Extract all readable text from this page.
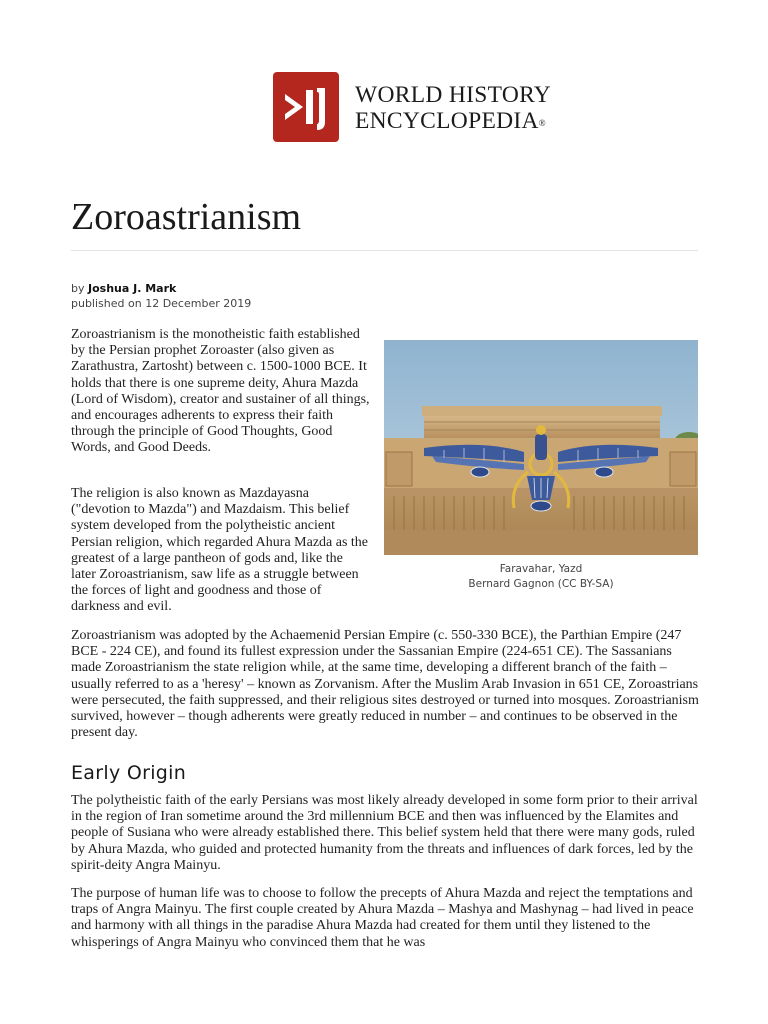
WORLD HISTORY
ENCYCLOPEDIA®
Zoroastrianism
by Joshua J. Mark
published on 12 December 2019

Zoroastrianism is the monotheistic faith established by the Persian prophet Zoroaster (also given as Zarathustra, Zartosht) between c. 1500-1000 BCE. It holds that there is one supreme deity, Ahura Mazda (Lord of Wisdom), creator and sustainer of all things, and encourages adherents to express their faith through the principle of Good Thoughts, Good Words, and Good Deeds.

The religion is also known as Mazdayasna ("devotion to Mazda") and Mazdaism. This belief system developed from the polytheistic ancient Persian religion, which regarded Ahura Mazda as the greatest of a large pantheon of gods and, like the later Zoroastrianism, saw life as a struggle between the forces of light and goodness and those of darkness and evil.

Faravahar, Yazd
Bernard Gagnon (CC BY-SA)

Zoroastrianism was adopted by the Achaemenid Persian Empire (c. 550-330 BCE), the Parthian Empire (247 BCE - 224 CE), and found its fullest expression under the Sassanian Empire (224-651 CE). The Sassanians made Zoroastrianism the state religion while, at the same time, developing a different branch of the faith – usually referred to as a 'heresy' – known as Zorvanism. After the Muslim Arab Invasion in 651 CE, Zoroastrians were persecuted, the faith suppressed, and their religious sites destroyed or turned into mosques. Zoroastrianism survived, however – though adherents were greatly reduced in number – and continues to be observed in the present day.

Early Origin

The polytheistic faith of the early Persians was most likely already developed in some form prior to their arrival in the region of Iran sometime around the 3rd millennium BCE and then was influenced by the Elamites and people of Susiana who were already established there. This belief system held that there were many gods, ruled by Ahura Mazda, who guided and protected humanity from the threats and influences of dark forces, led by the spirit-deity Angra Mainyu.

The purpose of human life was to choose to follow the precepts of Ahura Mazda and reject the temptations and traps of Angra Mainyu. The first couple created by Ahura Mazda – Mashya and Mashynag – had lived in peace and harmony with all things in the paradise Ahura Mazda had created for them until they listened to the whisperings of Angra Mainyu who convinced them that he was
